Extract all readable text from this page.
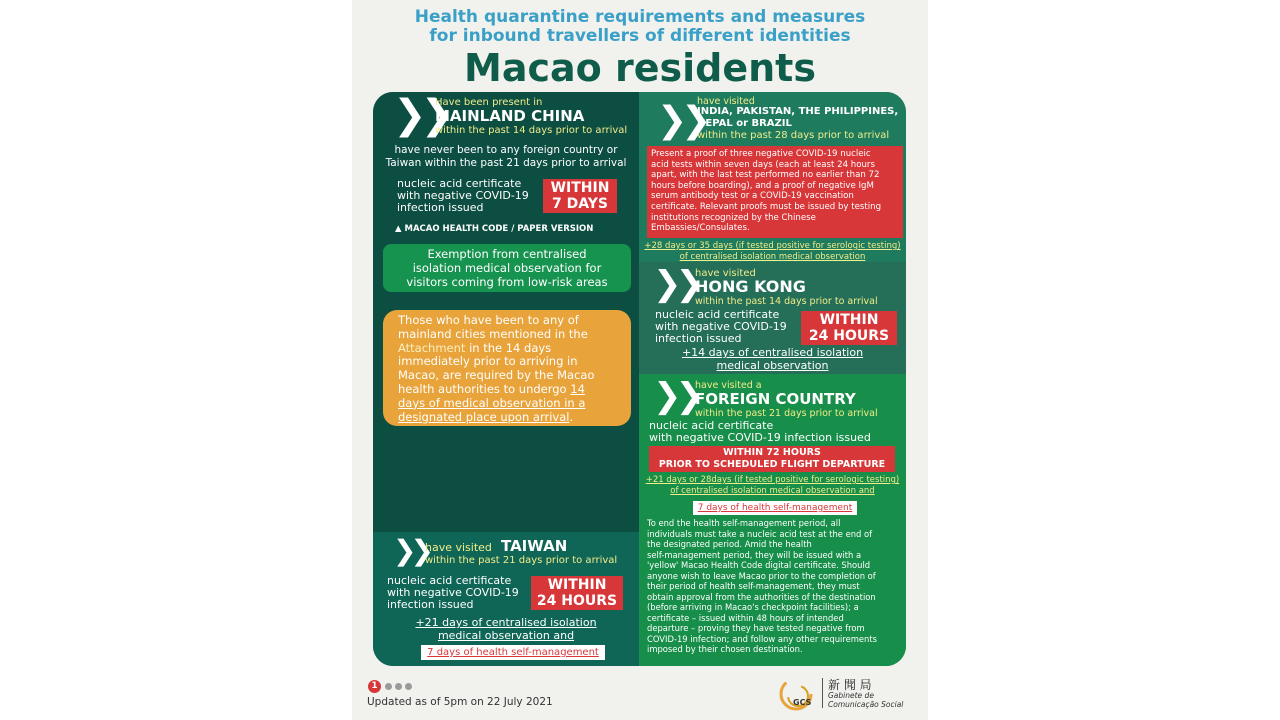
Health quarantine requirements and measures
for inbound travellers of different identities
Macao residents
❯❯
Have been present in
MAINLAND CHINA
within the past 14 days prior to arrival
have never been to any foreign country or
Taiwan within the past 21 days prior to arrival
nucleic acid certificate
with negative COVID-19
infection issued
WITHIN
7 DAYS
▲ MACAO HEALTH CODE / PAPER VERSION
Exemption from centralised
isolation medical observation for
visitors coming from low-risk areas
Those who have been to any of
mainland cities mentioned in the
Attachment in the 14 days
immediately prior to arriving in
Macao, are required by the Macao
health authorities to undergo 14
days of medical observation in a
designated place upon arrival.
❯❯
have visited TAIWAN
within the past 21 days prior to arrival
nucleic acid certificate
with negative COVID-19
infection issued
WITHIN
24 HOURS
+21 days of centralised isolation
medical observation and
7 days of health self-management
❯❯
have visited
INDIA, PAKISTAN, THE PHILIPPINES,
NEPAL or BRAZIL
within the past 28 days prior to arrival
Present a proof of three negative COVID-19 nucleic
acid tests within seven days (each at least 24 hours
apart, with the last test performed no earlier than 72
hours before boarding), and a proof of negative IgM
serum antibody test or a COVID-19 vaccination
certificate. Relevant proofs must be issued by testing
institutions recognized by the Chinese
Embassies/Consulates.
+28 days or 35 days (if tested positive for serologic testing)
of centralised isolation medical observation
❯❯
have visited
HONG KONG
within the past 14 days prior to arrival
nucleic acid certificate
with negative COVID-19
infection issued
WITHIN
24 HOURS
+14 days of centralised isolation
medical observation
❯❯
have visited a
FOREIGN COUNTRY
within the past 21 days prior to arrival
nucleic acid certificate
with negative COVID-19 infection issued
WITHIN 72 HOURS
PRIOR TO SCHEDULED FLIGHT DEPARTURE
+21 days or 28days (if tested positive for serologic testing)
of centralised isolation medical observation and
7 days of health self-management
To end the health self-management period, all
individuals must take a nucleic acid test at the end of
the designated period. Amid the health
self-management period, they will be issued with a
'yellow' Macao Health Code digital certificate. Should
anyone wish to leave Macao prior to the completion of
their period of health self-management, they must
obtain approval from the authorities of the destination
(before arriving in Macao's checkpoint facilities); a
certificate – issued within 48 hours of intended
departure – proving they have tested negative from
COVID-19 infection; and follow any other requirements
imposed by their chosen destination.
1
Updated as of 5pm on 22 July 2021	GCS
新 聞 局
Gabinete de
Comunicação Social
